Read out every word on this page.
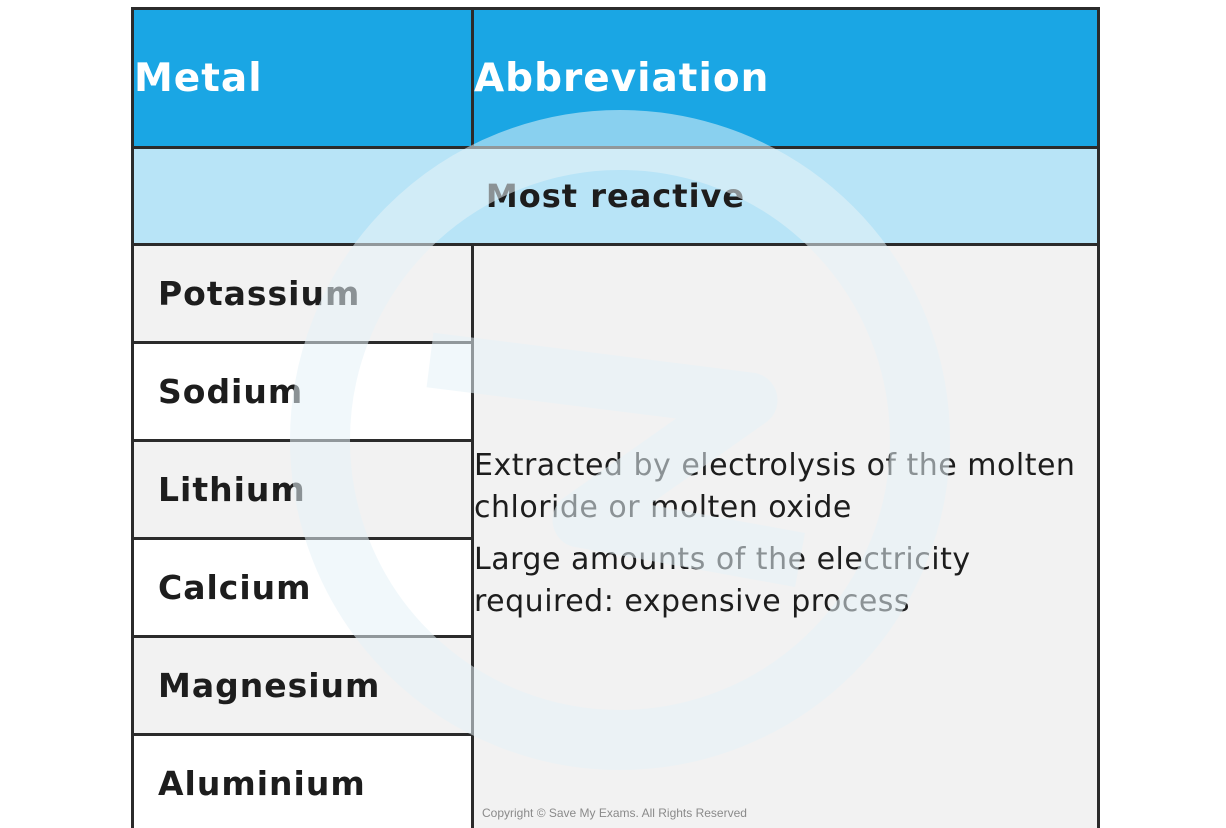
Metal	Abbreviation
Most reactive	
Potassium	Extracted by electrolysis of the molten chloride or molten oxide

Large amounts of the electricity required: expensive process

Sodium	
Lithium	
Calcium	
Magnesium	
Aluminium	
Copyright © Save My Exams. All Rights Reserved
